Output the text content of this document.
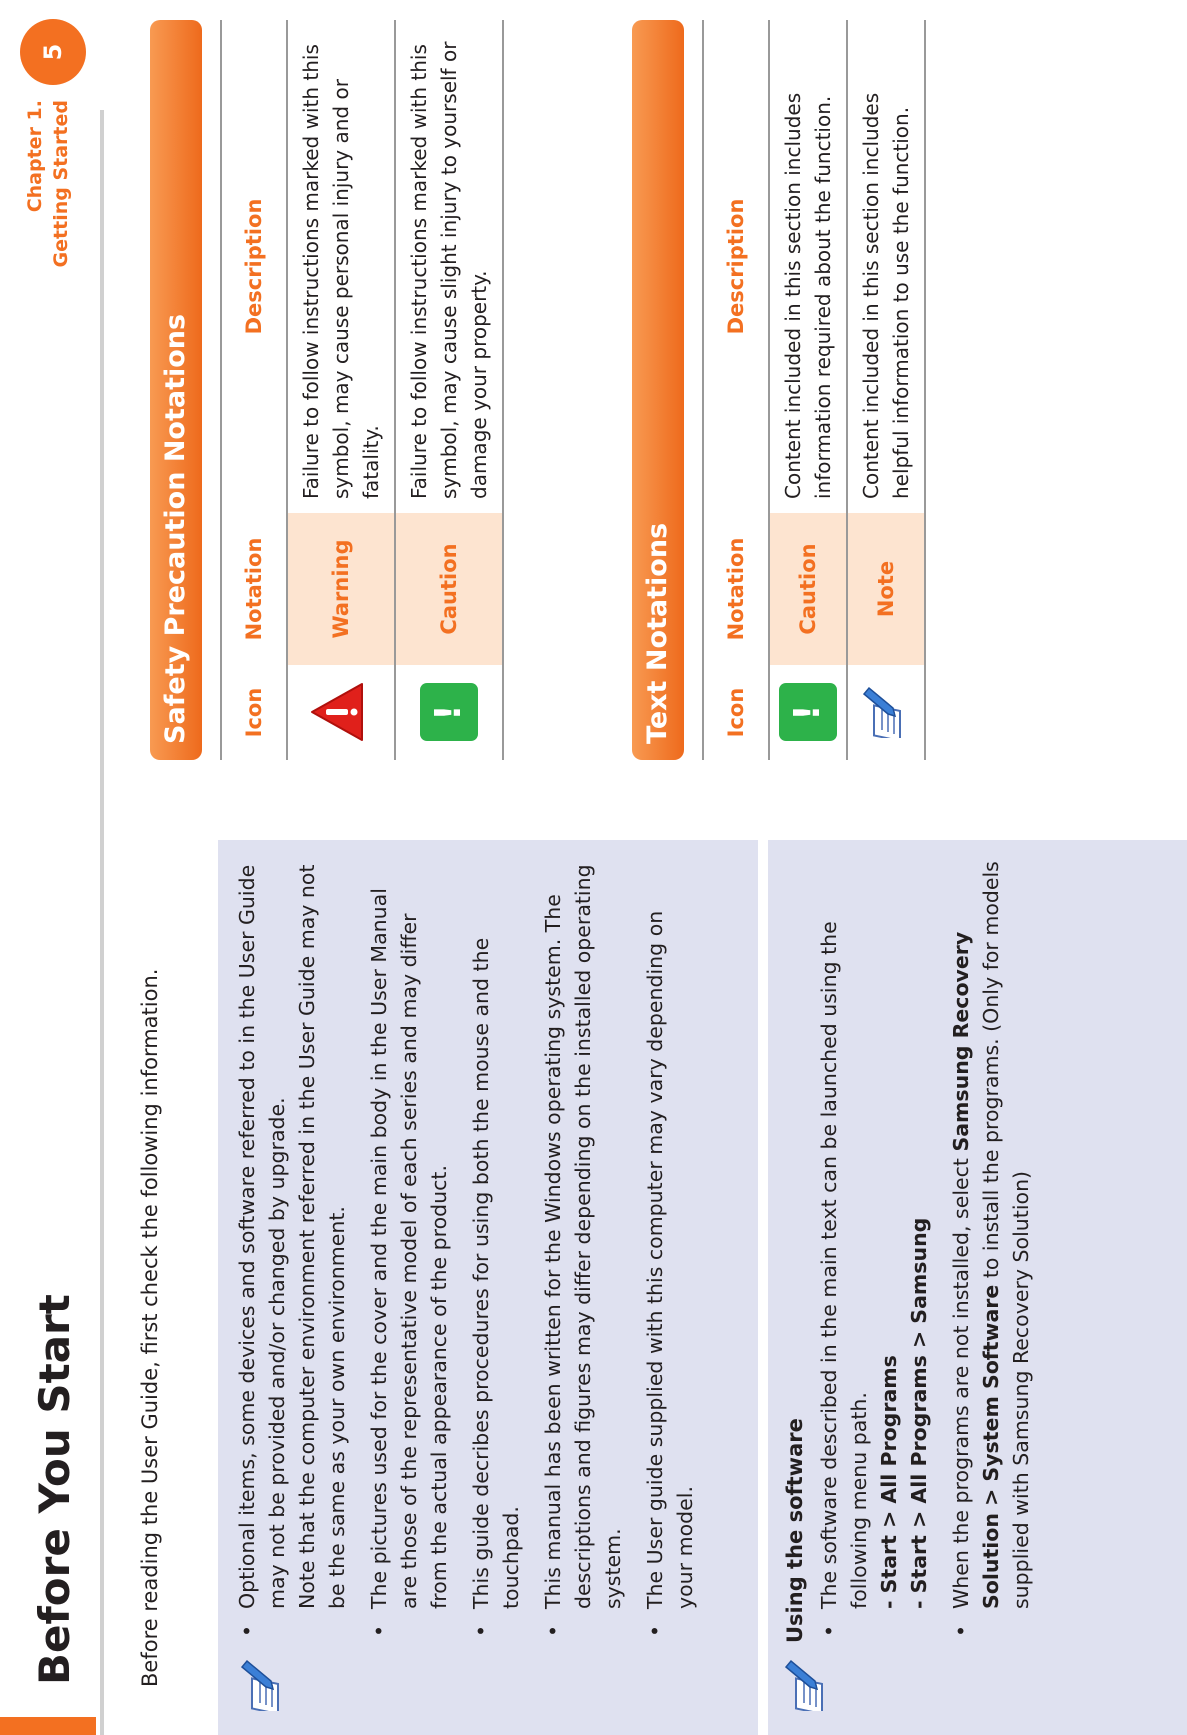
Before You Start
Chapter 1. Getting Started
5
Before reading the User Guide, first check the following information.	• Optional items, some devices and software referred to in the User Guide may not be provided and/or changed by upgrade. Note that the computer environment referred in the User Guide may not be the same as your own environment. • The pictures used for the cover and the main body in the User Manual are those of the representative model of each series and may differ from the actual appearance of the product. • This guide decribes procedures for using both the mouse and the touchpad. • This manual has been written for the Windows operating system. The descriptions and figures may differ depending on the installed operating system. • The User guide supplied with this computer may vary depending on your model.	Using the software • The software described in the main text can be launched using the following menu path. - Start > All Programs - Start > All Programs > Samsung • When the programs are not installed, select Samsung Recovery Solution > System Software to install the programs. (Only for models supplied with Samsung Recovery Solution)

Safety Precaution Notations	Icon	Notation	Description
	Warning	Failure to follow instructions marked with this symbol, may cause personal injury and or fatality.
!	Caution	Failure to follow instructions marked with this symbol, may cause slight injury to yourself or damage your property.
Text Notations	Icon	Notation	Description
!	Caution	Content included in this section includes information required about the function.
	Note	Content included in this section includes helpful information to use the function.
